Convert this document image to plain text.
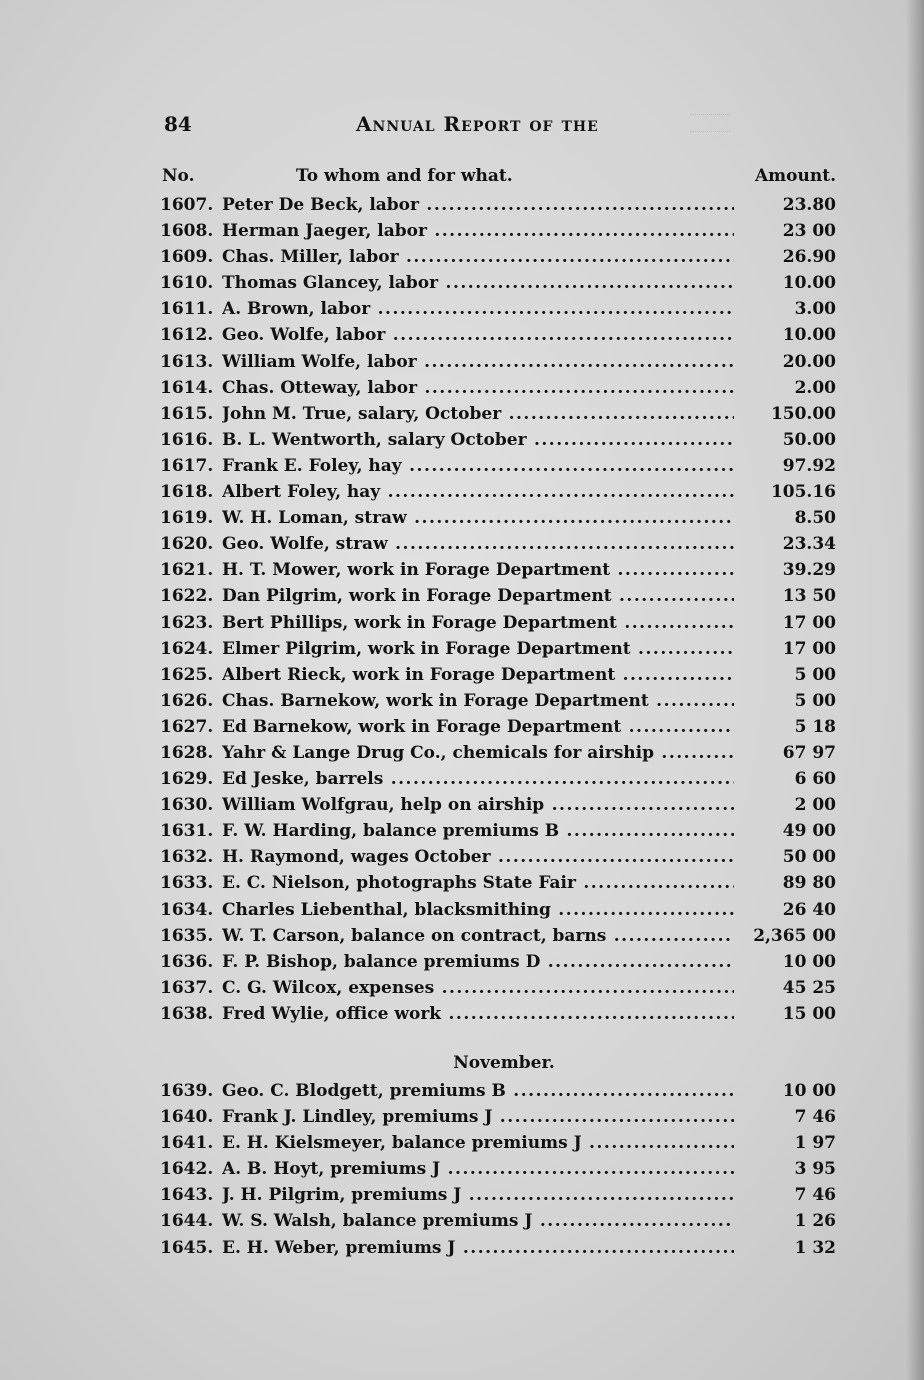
84	Annual Report of the
No.	To whom and for what.	Amount.
1607. Peter De Beck, labor .....	23.80
1608. Herman Jaeger, labor .....	23 00
1609. Chas. Miller, labor .....	26.90
1610. Thomas Glancey, labor .....	10.00
1611. A. Brown, labor .....	3.00
1612. Geo. Wolfe, labor .....	10.00
1613. William Wolfe, labor .....	20.00
1614. Chas. Otteway, labor .....	2.00
1615. John M. True, salary, October .....	150.00
1616. B. L. Wentworth, salary October .....	50.00
1617. Frank E. Foley, hay .....	97.92
1618. Albert Foley, hay .....	105.16
1619. W. H. Loman, straw .....	8.50
1620. Geo. Wolfe, straw .....	23.34
1621. H. T. Mower, work in Forage Department .....	39.29
1622. Dan Pilgrim, work in Forage Department .....	13 50
1623. Bert Phillips, work in Forage Department .....	17 00
1624. Elmer Pilgrim, work in Forage Department .....	17 00
1625. Albert Rieck, work in Forage Department .....	5 00
1626. Chas. Barnekow, work in Forage Department .....	5 00
1627. Ed Barnekow, work in Forage Department .....	5 18
1628. Yahr & Lange Drug Co., chemicals for airship .....	67 97
1629. Ed Jeske, barrels .....	6 60
1630. William Wolfgrau, help on airship .....	2 00
1631. F. W. Harding, balance premiums B .....	49 00
1632. H. Raymond, wages October .....	50 00
1633. E. C. Nielson, photographs State Fair .....	89 80
1634. Charles Liebenthal, blacksmithing .....	26 40
1635. W. T. Carson, balance on contract, barns .....	2,365 00
1636. F. P. Bishop, balance premiums D .....	10 00
1637. C. G. Wilcox, expenses .....	45 25
1638. Fred Wylie, office work .....	15 00
November.
1639. Geo. C. Blodgett, premiums B .....	10 00
1640. Frank J. Lindley, premiums J .....	7 46
1641. E. H. Kielsmeyer, balance premiums J .....	1 97
1642. A. B. Hoyt, premiums J .....	3 95
1643. J. H. Pilgrim, premiums J .....	7 46
1644. W. S. Walsh, balance premiums J .....	1 26
1645. E. H. Weber, premiums J .....	1 32
